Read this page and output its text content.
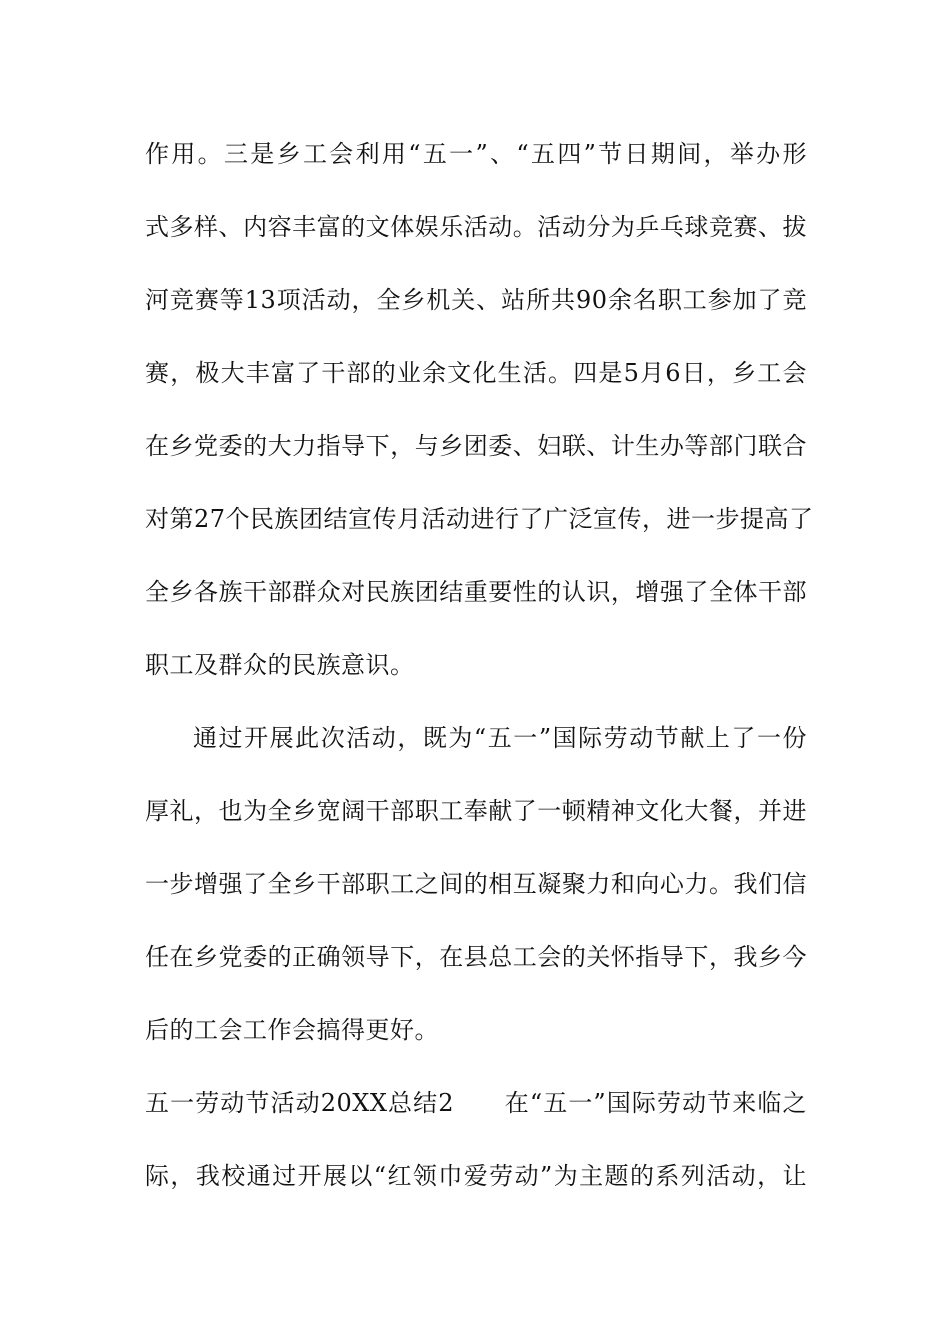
作用。三是乡工会利用“五一”、“五四”节日期间，举办形
式多样、内容丰富的文体娱乐活动。活动分为乒乓球竞赛、拔
河竞赛等13项活动，全乡机关、站所共90余名职工参加了竞
赛，极大丰富了干部的业余文化生活。四是5月6日，乡工会
在乡党委的大力指导下，与乡团委、妇联、计生办等部门联合
对第27个民族团结宣传月活动进行了广泛宣传，进一步提高了
全乡各族干部群众对民族团结重要性的认识，增强了全体干部
职工及群众的民族意识。
通过开展此次活动，既为“五一”国际劳动节献上了一份
厚礼，也为全乡宽阔干部职工奉献了一顿精神文化大餐，并进
一步增强了全乡干部职工之间的相互凝聚力和向心力。我们信
任在乡党委的正确领导下，在县总工会的关怀指导下，我乡今
后的工会工作会搞得更好。
五一劳动节活动20XX总结2　　在“五一”国际劳动节来临之
际，我校通过开展以“红领巾爱劳动”为主题的系列活动，让
